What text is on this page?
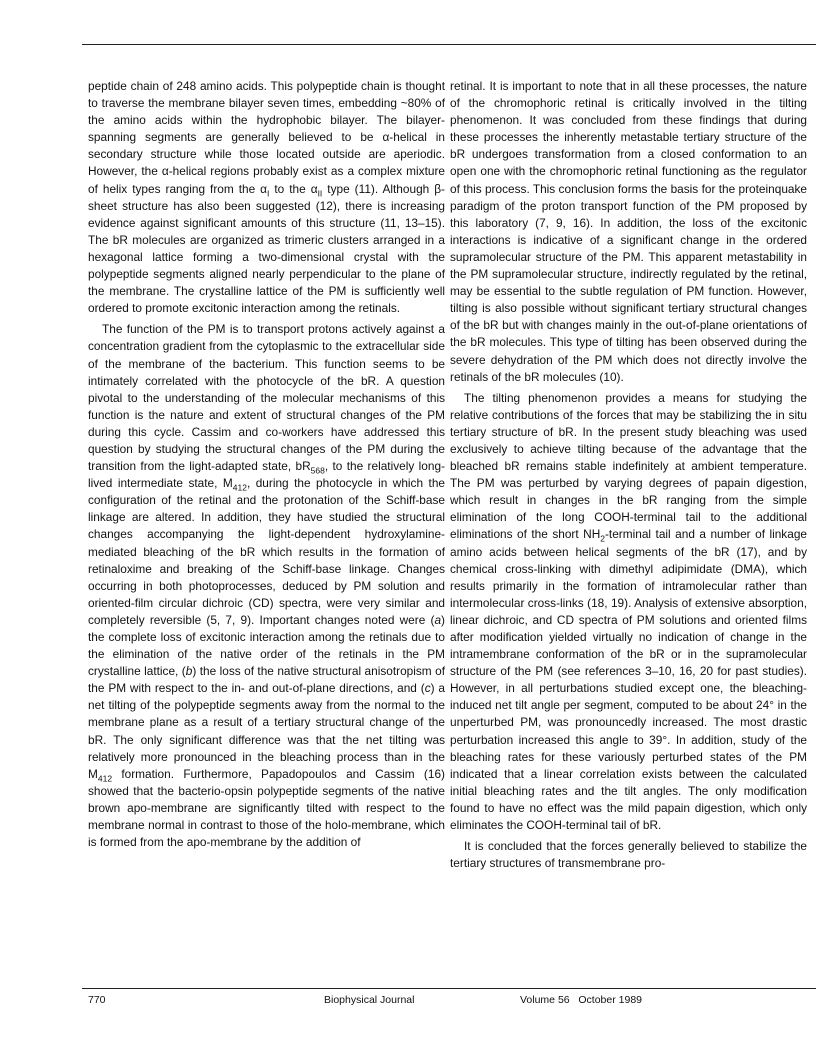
peptide chain of 248 amino acids. This polypeptide chain is thought to traverse the membrane bilayer seven times, embedding ~80% of the amino acids within the hydrophobic bilayer. The bilayer-spanning segments are generally believed to be α-helical in secondary structure while those located outside are aperiodic. However, the α-helical regions probably exist as a complex mixture of helix types ranging from the $\alpha_I$ to the $\alpha_{II}$ type (11). Although β-sheet structure has also been suggested (12), there is increasing evidence against significant amounts of this structure (11, 13–15). The bR molecules are organized as trimeric clusters arranged in a hexagonal lattice forming a two-dimensional crystal with the polypeptide segments aligned nearly perpendicular to the plane of the membrane. The crystalline lattice of the PM is sufficiently well ordered to promote excitonic interaction among the retinals.

The function of the PM is to transport protons actively against a concentration gradient from the cytoplasmic to the extracellular side of the membrane of the bacterium. This function seems to be intimately correlated with the photocycle of the bR. A question pivotal to the understanding of the molecular mechanisms of this function is the nature and extent of structural changes of the PM during this cycle. Cassim and co-workers have addressed this question by studying the structural changes of the PM during the transition from the light-adapted state, $bR_{568}$, to the relatively long-lived intermediate state, $M_{412}$, during the photocycle in which the configuration of the retinal and the protonation of the Schiff-base linkage are altered. In addition, they have studied the structural changes accompanying the light-dependent hydroxylamine-mediated bleaching of the bR which results in the formation of retinaloxime and breaking of the Schiff-base linkage. Changes occurring in both photoprocesses, deduced by PM solution and oriented-film circular dichroic (CD) spectra, were very similar and completely reversible (5, 7, 9). Important changes noted were (a) the complete loss of excitonic interaction among the retinals due to the elimination of the native order of the retinals in the PM crystalline lattice, (b) the loss of the native structural anisotropism of the PM with respect to the in- and out-of-plane directions, and (c) a net tilting of the polypeptide segments away from the normal to the membrane plane as a result of a tertiary structural change of the bR. The only significant difference was that the net tilting was relatively more pronounced in the bleaching process than in the $M_{412}$ formation. Furthermore, Papadopoulos and Cassim (16) showed that the bacterio-opsin polypeptide segments of the native brown apo-membrane are significantly tilted with respect to the membrane normal in contrast to those of the holo-membrane, which is formed from the apo-membrane by the addition of

retinal. It is important to note that in all these processes, the nature of the chromophoric retinal is critically involved in the tilting phenomenon. It was concluded from these findings that during these processes the inherently metastable tertiary structure of the bR undergoes transformation from a closed conformation to an open one with the chromophoric retinal functioning as the regulator of this process. This conclusion forms the basis for the proteinquake paradigm of the proton transport function of the PM proposed by this laboratory (7, 9, 16). In addition, the loss of the excitonic interactions is indicative of a significant change in the ordered supramolecular structure of the PM. This apparent metastability in the PM supramolecular structure, indirectly regulated by the retinal, may be essential to the subtle regulation of PM function. However, tilting is also possible without significant tertiary structural changes of the bR but with changes mainly in the out-of-plane orientations of the bR molecules. This type of tilting has been observed during the severe dehydration of the PM which does not directly involve the retinals of the bR molecules (10).

The tilting phenomenon provides a means for studying the relative contributions of the forces that may be stabilizing the in situ tertiary structure of bR. In the present study bleaching was used exclusively to achieve tilting because of the advantage that the bleached bR remains stable indefinitely at ambient temperature. The PM was perturbed by varying degrees of papain digestion, which result in changes in the bR ranging from the simple elimination of the long COOH-terminal tail to the additional eliminations of the short $NH_2$-terminal tail and a number of linkage amino acids between helical segments of the bR (17), and by chemical cross-linking with dimethyl adipimidate (DMA), which results primarily in the formation of intramolecular rather than intermolecular cross-links (18, 19). Analysis of extensive absorption, linear dichroic, and CD spectra of PM solutions and oriented films after modification yielded virtually no indication of change in the intramembrane conformation of the bR or in the supramolecular structure of the PM (see references 3–10, 16, 20 for past studies). However, in all perturbations studied except one, the bleaching-induced net tilt angle per segment, computed to be about 24° in the unperturbed PM, was pronouncedly increased. The most drastic perturbation increased this angle to 39°. In addition, study of the bleaching rates for these variously perturbed states of the PM indicated that a linear correlation exists between the calculated initial bleaching rates and the tilt angles. The only modification found to have no effect was the mild papain digestion, which only eliminates the COOH-terminal tail of bR.

It is concluded that the forces generally believed to stabilize the tertiary structures of transmembrane pro-

770	Biophysical Journal	Volume 56   October 1989
